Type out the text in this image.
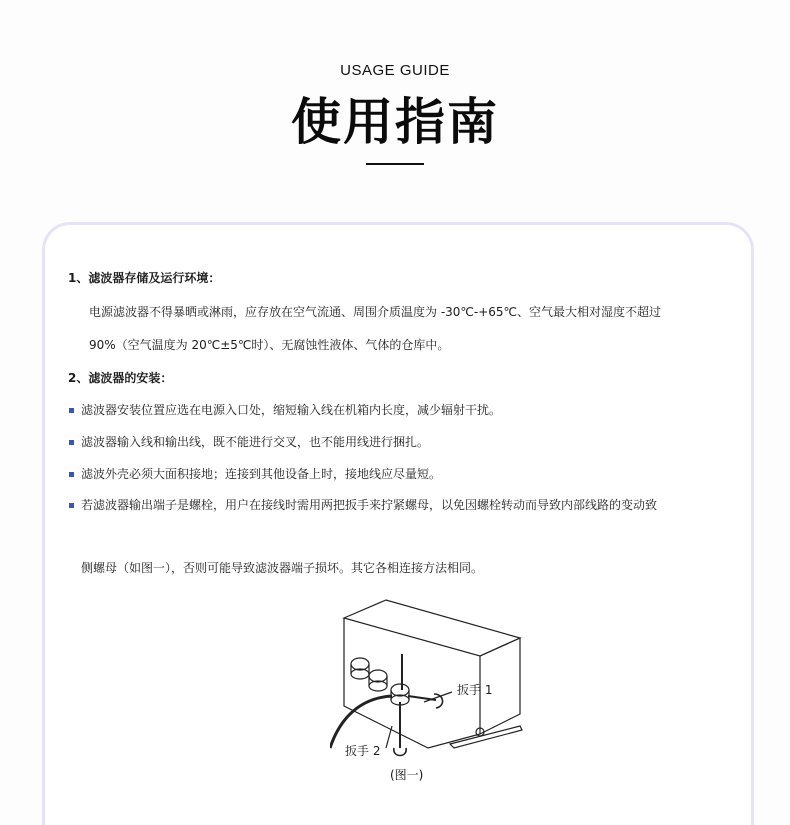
USAGE GUIDE
使用指南
1、滤波器存储及运行环境：
电源滤波器不得暴晒或淋雨，应存放在空气流通、周围介质温度为 -30℃-+65℃、空气最大相对湿度不超过
90%（空气温度为 20℃±5℃时）、无腐蚀性液体、气体的仓库中。
2、滤波器的安装：
滤波器安装位置应选在电源入口处，缩短输入线在机箱内长度，减少辐射干扰。
滤波器输入线和输出线，既不能进行交叉，也不能用线进行捆扎。
滤波外壳必须大面积接地；连接到其他设备上时，接地线应尽量短。
若滤波器输出端子是螺栓，用户在接线时需用两把扳手来拧紧螺母，以免因螺栓转动而导致内部线路的变动致
侧螺母（如图一），否则可能导致滤波器端子损坏。其它各相连接方法相同。
扳手 1
扳手 2
(图一)
